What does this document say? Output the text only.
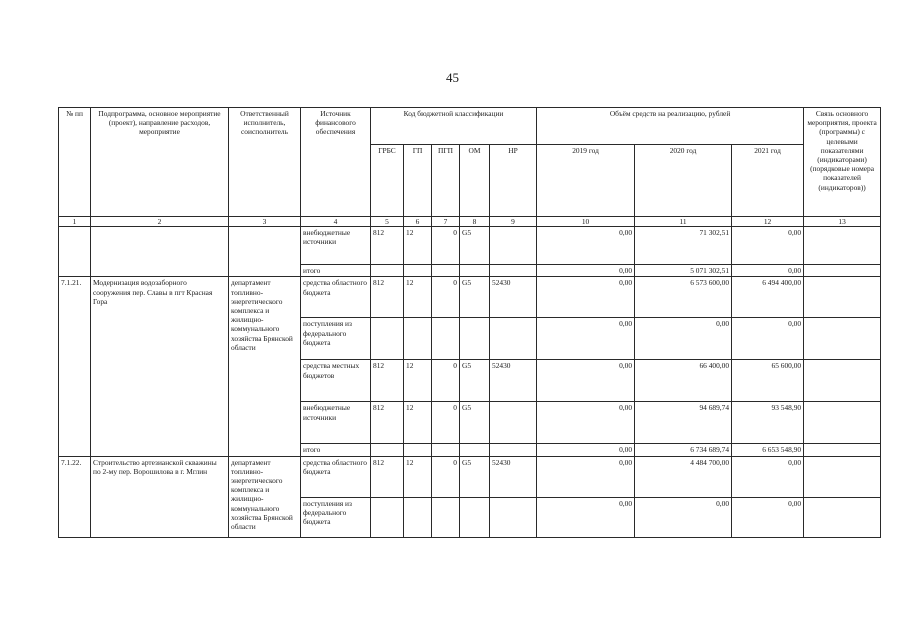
45
№ пп	Подпрограмма, основное мероприятие (проект), направление расходов, мероприятие	Ответственный исполнитель, соисполнитель	Источник финансового обеспечения	Код бюджетной классификации					Объём средств на реализацию, рублей			Связь основного мероприятия, проекта (программы) с целевыми показателями (индикаторами) (порядковые номера показателей (индикаторов))
				ГРБС	ГП	ПГП	ОМ	НР	2019 год	2020 год	2021 год	
1	2	3	4	5	6	7	8	9	10	11	12	13
			внебюджетные источники	812	12	0	G5		0,00	71 302,51	0,00	
			итого						0,00	5 071 302,51	0,00	
7.1.21.	Модернизация водозаборного сооружения пер. Славы в пгт Красная Гора	департамент топливно-энергетического комплекса и жилищно-коммунального хозяйства Брянской области	средства областного бюджета	812	12	0	G5	52430	0,00	6 573 600,00	6 494 400,00	
			поступления из федерального бюджета						0,00	0,00	0,00	
			средства местных бюджетов	812	12	0	G5	52430	0,00	66 400,00	65 600,00	
			внебюджетные источники	812	12	0	G5		0,00	94 689,74	93 548,90	
			итого						0,00	6 734 689,74	6 653 548,90	
7.1.22.	Строительство артезианской скважины по 2-му пер. Ворошилова в г. Мглин	департамент топливно-энергетического комплекса и жилищно-коммунального хозяйства Брянской области	средства областного бюджета	812	12	0	G5	52430	0,00	4 484 700,00	0,00	
			поступления из федерального бюджета						0,00	0,00	0,00	
